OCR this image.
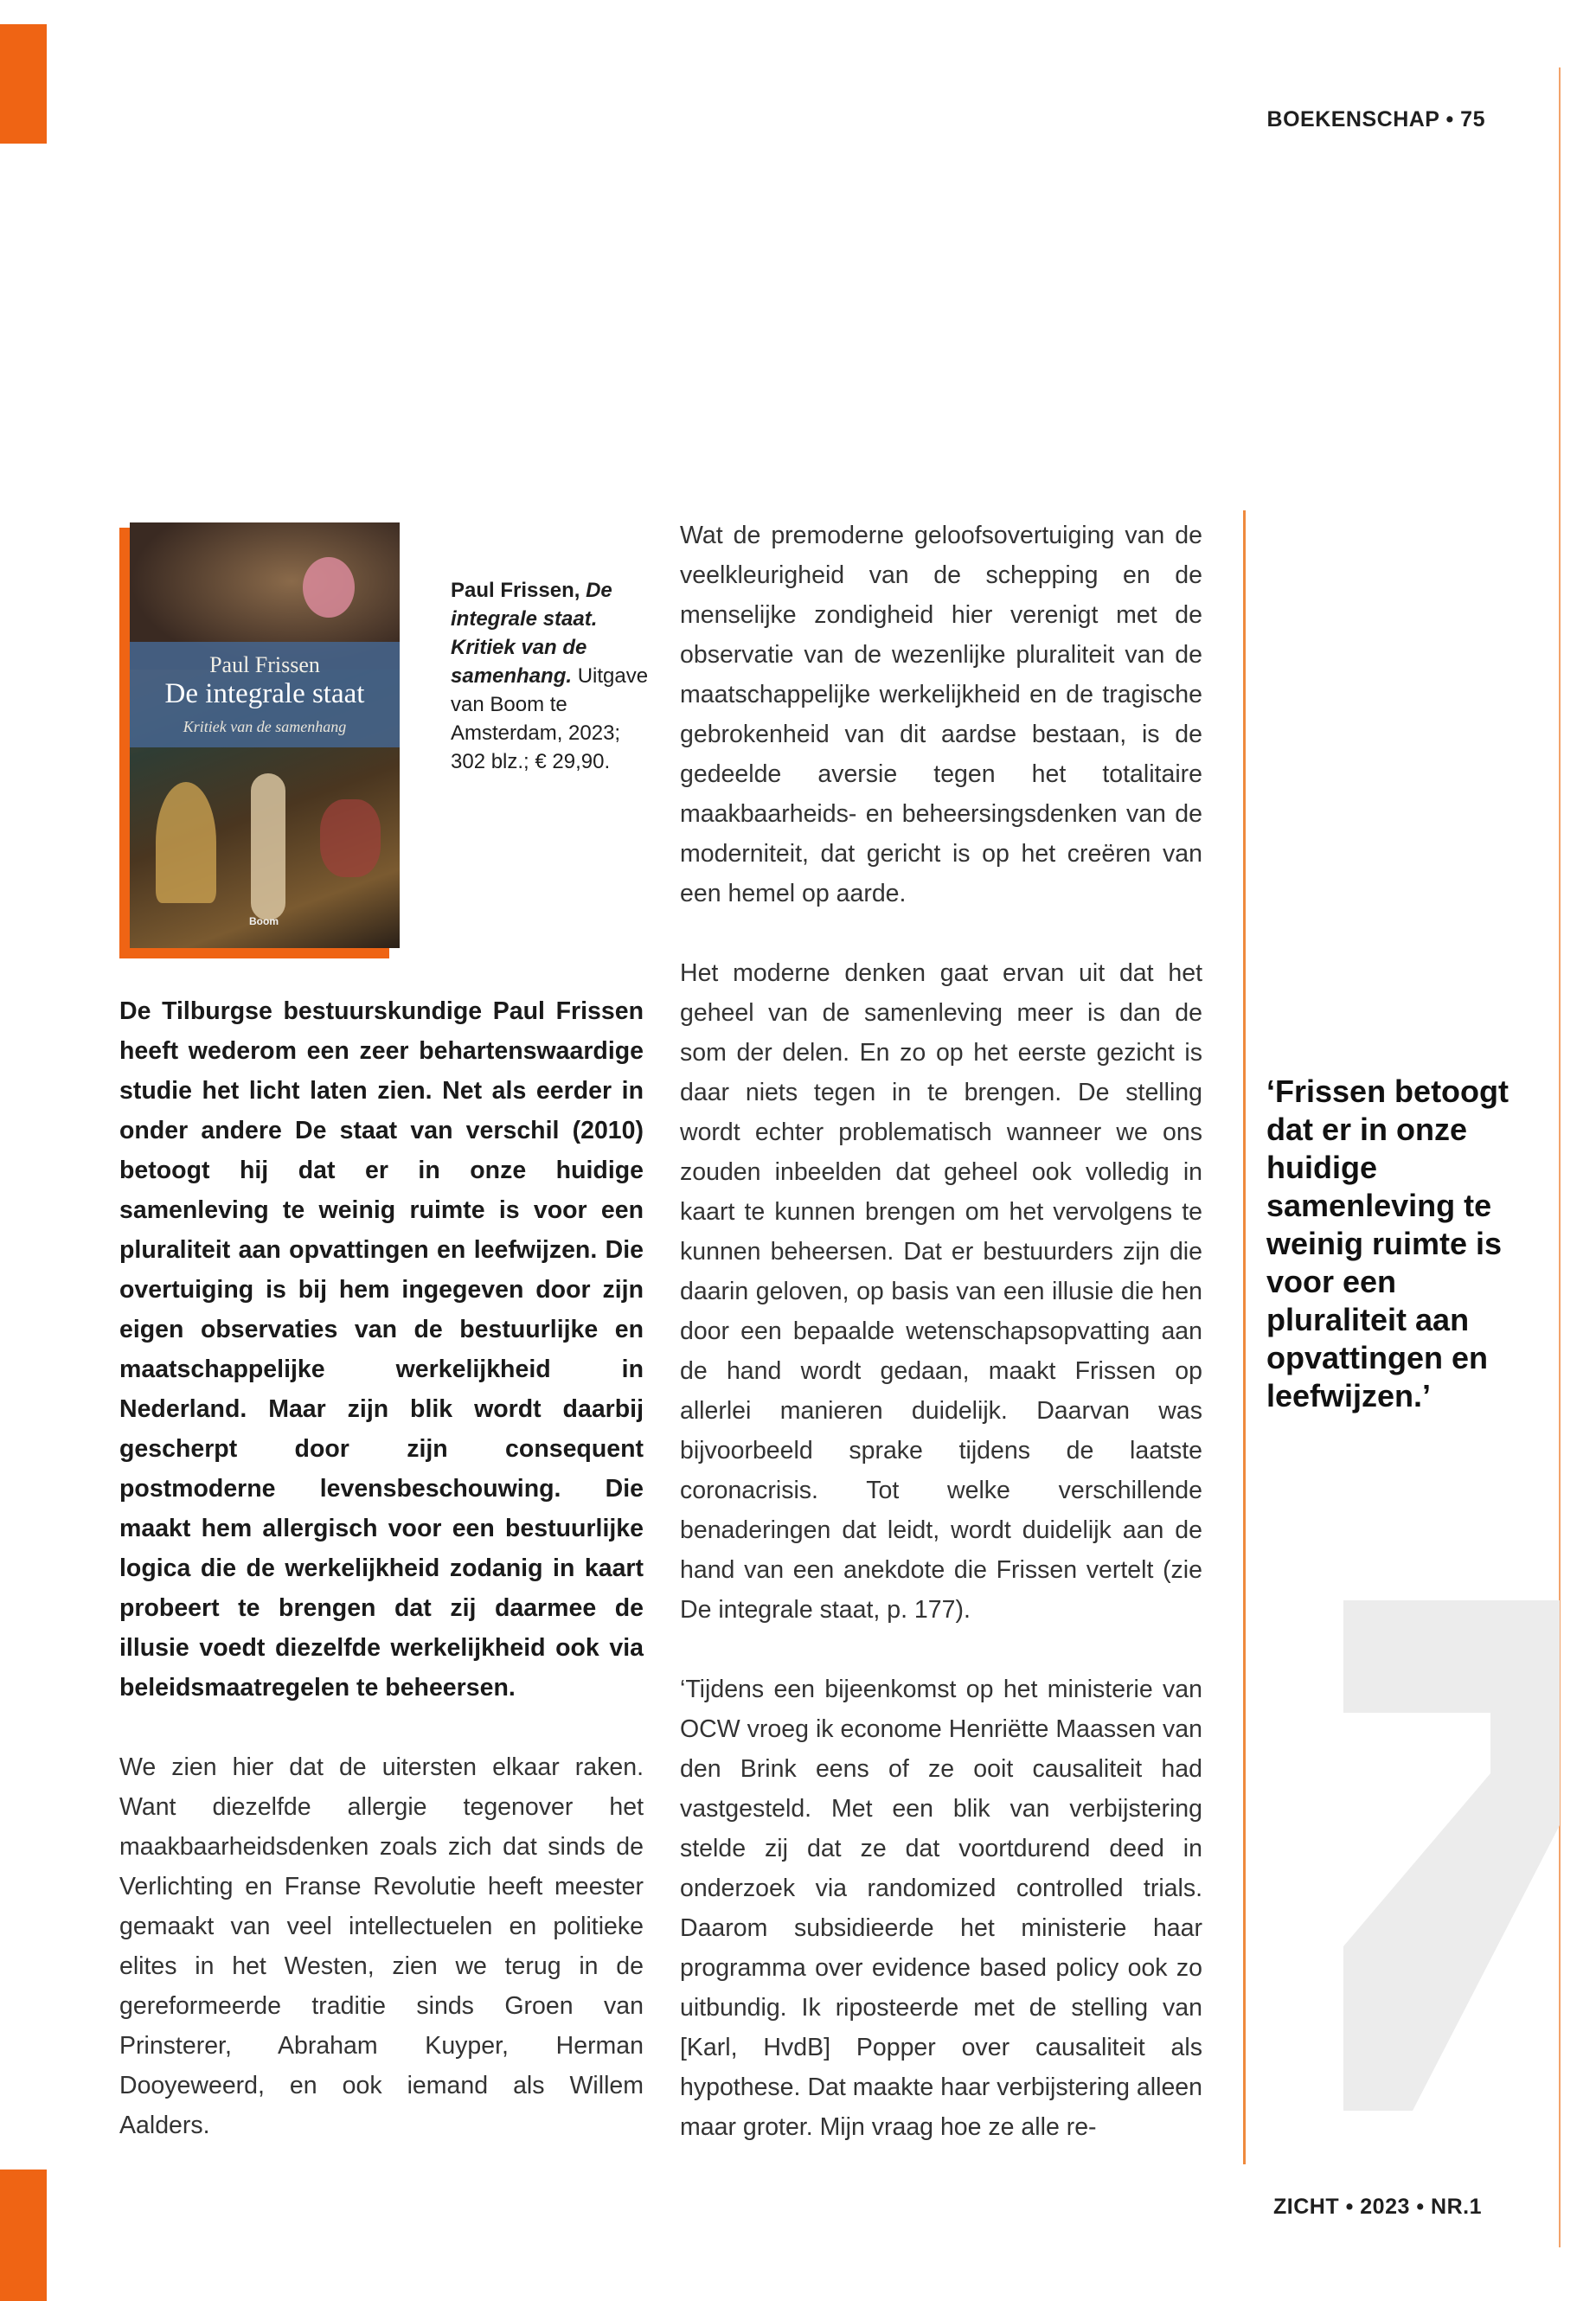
BOEKENSCHAP • 75
Paul Frissen
De integrale staat
Kritiek van de samenhang
Boom
Paul Frissen, De integrale staat. Kritiek van de samenhang. Uitgave van Boom te Amsterdam, 2023; 302 blz.; € 29,90.

Wat de premoderne geloofsovertuiging van de veelkleurigheid van de schepping en de menselijke zondigheid hier verenigt met de observatie van de wezenlijke pluraliteit van de maatschappelijke werkelijkheid en de tragische gebrokenheid van dit aardse bestaan, is de gedeelde aversie tegen het totalitaire maakbaarheids- en beheersingsdenken van de moderniteit, dat gericht is op het creëren van een hemel op aarde.

Het moderne denken gaat ervan uit dat het geheel van de samenleving meer is dan de som der delen. En zo op het eerste gezicht is daar niets tegen in te brengen. De stelling wordt echter problematisch wanneer we ons zouden inbeelden dat geheel ook volledig in kaart te kunnen brengen om het vervolgens te kunnen beheersen. Dat er bestuurders zijn die daarin geloven, op basis van een illusie die hen door een bepaalde wetenschapsopvatting aan de hand wordt gedaan, maakt Frissen op allerlei manieren duidelijk. Daarvan was bijvoorbeeld sprake tijdens de laatste coronacrisis. Tot welke verschillende benaderingen dat leidt, wordt duidelijk aan de hand van een anekdote die Frissen vertelt (zie De integrale staat, p. 177).

‘Tijdens een bijeenkomst op het ministerie van OCW vroeg ik econome Henriëtte Maassen van den Brink eens of ze ooit causaliteit had vastgesteld. Met een blik van verbijstering stelde zij dat ze dat voortdurend deed in onderzoek via randomized controlled trials. Daarom subsidieerde het ministerie haar programma over evidence based policy ook zo uitbundig. Ik riposteerde met de stelling van [Karl, HvdB] Popper over causaliteit als hypothese. Dat maakte haar verbijstering alleen maar groter. Mijn vraag hoe ze alle re-

De Tilburgse bestuurskundige Paul Frissen heeft wederom een zeer behartenswaardige studie het licht laten zien. Net als eerder in onder andere De staat van verschil (2010) betoogt hij dat er in onze huidige samenleving te weinig ruimte is voor een pluraliteit aan opvattingen en leefwijzen. Die overtuiging is bij hem ingegeven door zijn eigen observaties van de bestuurlijke en maatschappelijke werkelijkheid in Nederland. Maar zijn blik wordt daarbij gescherpt door zijn consequent postmoderne levensbeschouwing. Die maakt hem allergisch voor een bestuurlijke logica die de werkelijkheid zodanig in kaart probeert te brengen dat zij daarmee de illusie voedt diezelfde werkelijkheid ook via beleidsmaatregelen te beheersen.

We zien hier dat de uitersten elkaar raken. Want diezelfde allergie tegenover het maakbaarheidsdenken zoals zich dat sinds de Verlichting en Franse Revolutie heeft meester gemaakt van veel intellectuelen en politieke elites in het Westen, zien we terug in de gereformeerde traditie sinds Groen van Prinsterer, Abraham Kuyper, Herman Dooyeweerd, en ook iemand als Willem Aalders.

‘Frissen betoogt dat er in onze huidige samenleving te weinig ruimte is voor een pluraliteit aan opvattingen en leefwijzen.’
ZICHT • 2023 • NR.1
